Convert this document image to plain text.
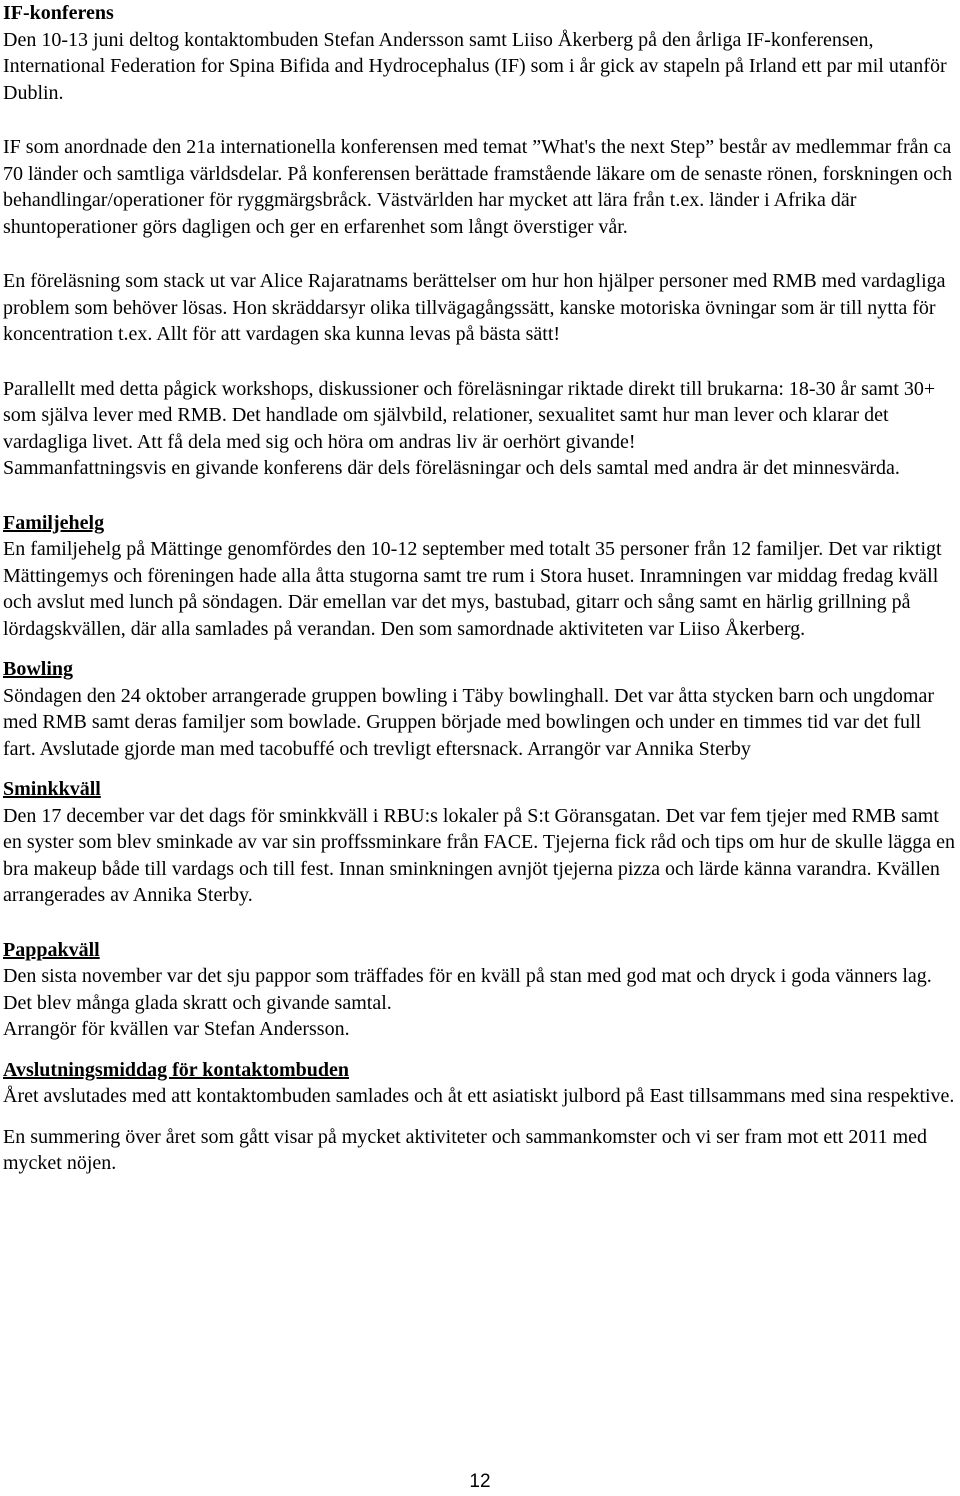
IF-konferens

Den 10-13 juni deltog kontaktombuden Stefan Andersson samt Liiso Åkerberg på den årliga IF-konferensen, International Federation for Spina Bifida and Hydrocephalus (IF) som i år gick av stapeln på Irland ett par mil utanför Dublin.

IF som anordnade den 21a internationella konferensen med temat ”What's the next Step” består av medlemmar från ca 70 länder och samtliga världsdelar. På konferensen berättade framstående läkare om de senaste rönen, forskningen och behandlingar/operationer för ryggmärgsbråck. Västvärlden har mycket att lära från t.ex. länder i Afrika där shuntoperationer görs dagligen och ger en erfarenhet som långt överstiger vår.

En föreläsning som stack ut var Alice Rajaratnams berättelser om hur hon hjälper personer med RMB med vardagliga problem som behöver lösas. Hon skräddarsyr olika tillvägagångssätt, kanske motoriska övningar som är till nytta för koncentration t.ex. Allt för att vardagen ska kunna levas på bästa sätt!

Parallellt med detta pågick workshops, diskussioner och föreläsningar riktade direkt till brukarna: 18-30 år samt 30+ som själva lever med RMB. Det handlade om självbild, relationer, sexualitet samt hur man lever och klarar det vardagliga livet. Att få dela med sig och höra om andras liv är oerhört givande!

Sammanfattningsvis en givande konferens där dels föreläsningar och dels samtal med andra är det minnesvärda.

Familjehelg

En familjehelg på Mättinge genomfördes den 10-12 september med totalt 35 personer från 12 familjer. Det var riktigt Mättingemys och föreningen hade alla åtta stugorna samt tre rum i Stora huset. Inramningen var middag fredag kväll och avslut med lunch på söndagen. Där emellan var det mys, bastubad, gitarr och sång samt en härlig grillning på lördagskvällen, där alla samlades på verandan. Den som samordnade aktiviteten var Liiso Åkerberg.

Bowling

Söndagen den 24 oktober arrangerade gruppen bowling i Täby bowlinghall. Det var åtta stycken barn och ungdomar med RMB samt deras familjer som bowlade. Gruppen började med bowlingen och under en timmes tid var det full fart. Avslutade gjorde man med tacobuffé och trevligt eftersnack. Arrangör var Annika Sterby

Sminkkväll

Den 17 december var det dags för sminkkväll i RBU:s lokaler på S:t Göransgatan. Det var fem tjejer med RMB samt en syster som blev sminkade av var sin proffssminkare från FACE. Tjejerna fick råd och tips om hur de skulle lägga en bra makeup både till vardags och till fest. Innan sminkningen avnjöt tjejerna pizza och lärde känna varandra. Kvällen arrangerades av Annika Sterby.

Pappakväll

Den sista november var det sju pappor som träffades för en kväll på stan med god mat och dryck i goda vänners lag. Det blev många glada skratt och givande samtal.

Arrangör för kvällen var Stefan Andersson.

Avslutningsmiddag för kontaktombuden

Året avslutades med att kontaktombuden samlades och åt ett asiatiskt julbord på East tillsammans med sina respektive.

En summering över året som gått visar på mycket aktiviteter och sammankomster och vi ser fram mot ett 2011 med mycket nöjen.

12
